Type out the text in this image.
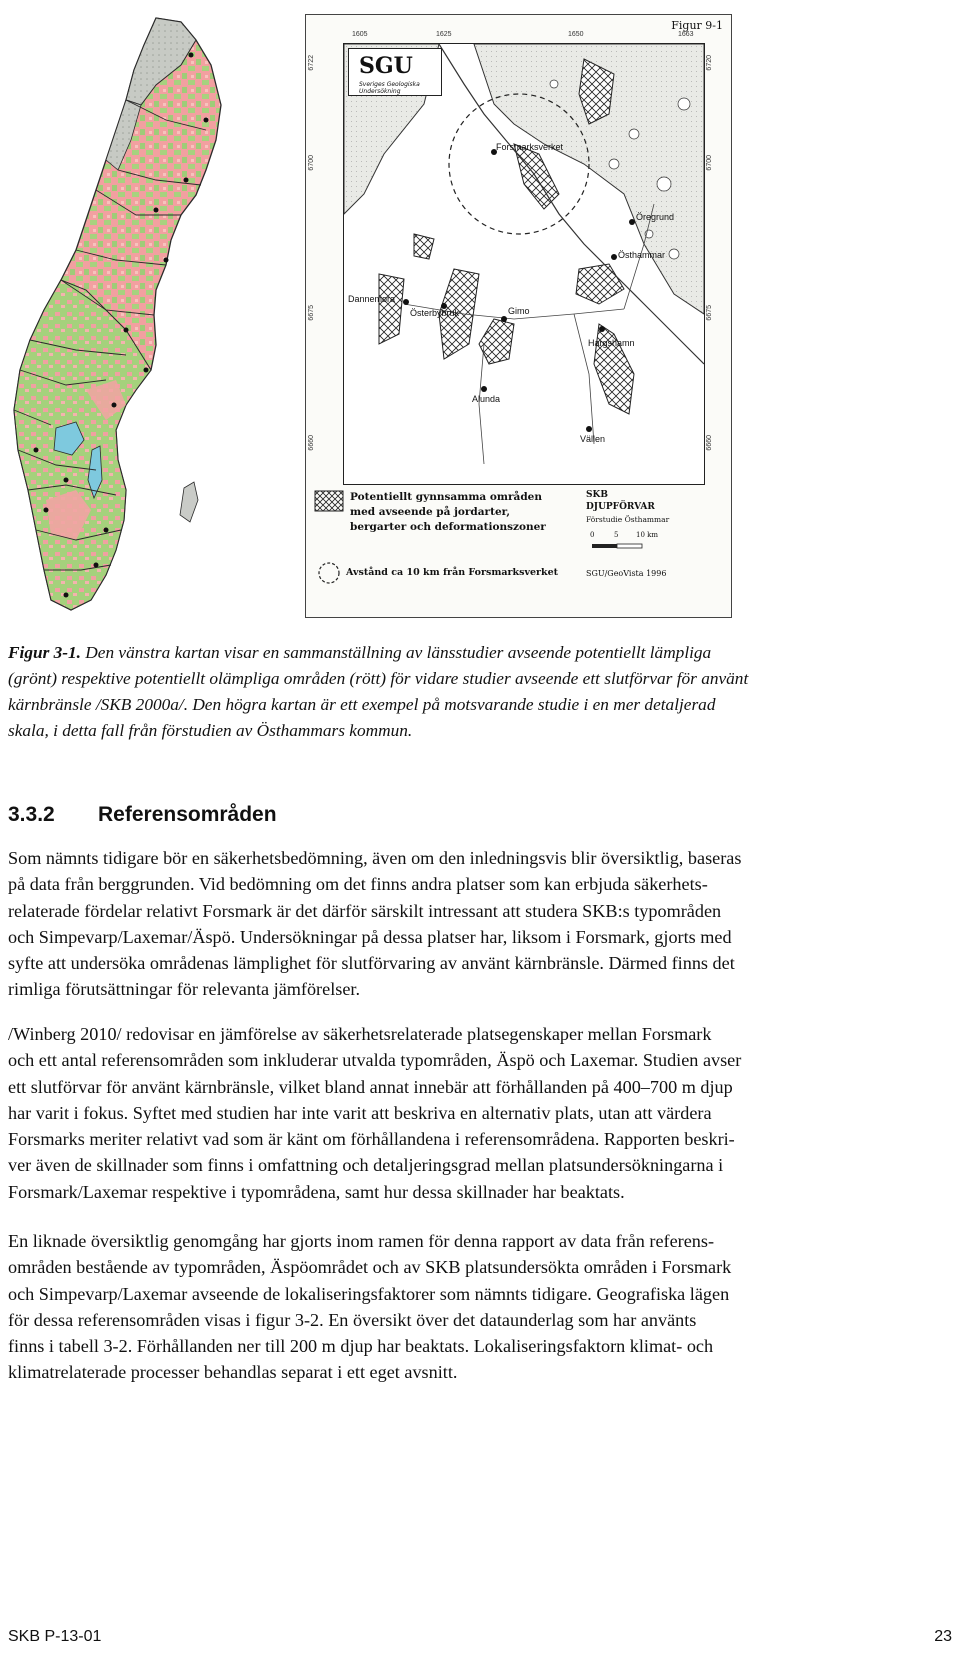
Figur 9-1
1605	1625	1650	1663
6722
6700
6675
6660
6720
6700
6675
6660
Forsmarksverket
Öregrund
Östhammar
Dannemora
Österbybruk	Gimo
Hargshamn
Alunda
Vällen
SGU
Sveriges Geologiska Undersökning
Potentiellt gynnsamma områden
med avseende på jordarter,
bergarter och deformationszoner
Avstånd ca 10 km från Forsmarksverket
SKB
DJUPFÖRVAR
Förstudie Östhammar
0	5	10 km
SGU/GeoVista 1996
Figur 3-1. Den vänstra kartan visar en sammanställning av länsstudier avseende potentiellt lämpliga
(grönt) respektive potentiellt olämpliga områden (rött) för vidare studier avseende ett slutförvar för använt
kärnbränsle /SKB 2000a/. Den högra kartan är ett exempel på motsvarande studie i en mer detaljerad
skala, i detta fall från förstudien av Östhammars kommun.
3.3.2 Referensområden
Som nämnts tidigare bör en säkerhetsbedömning, även om den inledningsvis blir översiktlig, baseras
på data från berggrunden. Vid bedömning om det finns andra platser som kan erbjuda säkerhets-
relaterade fördelar relativt Forsmark är det därför särskilt intressant att studera SKB:s typområden
och Simpevarp/Laxemar/Äspö. Undersökningar på dessa platser har, liksom i Forsmark, gjorts med
syfte att undersöka områdenas lämplighet för slutförvaring av använt kärnbränsle. Därmed finns det
rimliga förutsättningar för relevanta jämförelser.
/Winberg 2010/ redovisar en jämförelse av säkerhetsrelaterade platsegenskaper mellan Forsmark
och ett antal referensområden som inkluderar utvalda typområden, Äspö och Laxemar. Studien avser
ett slutförvar för använt kärnbränsle, vilket bland annat innebär att förhållanden på 400–700 m djup
har varit i fokus. Syftet med studien har inte varit att beskriva en alternativ plats, utan att värdera
Forsmarks meriter relativt vad som är känt om förhållandena i referensområdena. Rapporten beskri-
ver även de skillnader som finns i omfattning och detaljeringsgrad mellan platsundersökningarna i
Forsmark/Laxemar respektive i typområdena, samt hur dessa skillnader har beaktats.
En liknade översiktlig genomgång har gjorts inom ramen för denna rapport av data från referens-
områden bestående av typområden, Äspöområdet och av SKB platsundersökta områden i Forsmark
och Simpevarp/Laxemar avseende de lokaliseringsfaktorer som nämnts tidigare. Geografiska lägen
för dessa referensområden visas i figur 3-2. En översikt över det dataunderlag som har använts
finns i tabell 3-2. Förhållanden ner till 200 m djup har beaktats. Lokaliseringsfaktorn klimat- och
klimatrelaterade processer behandlas separat i ett eget avsnitt.
SKB P-13-01	23
